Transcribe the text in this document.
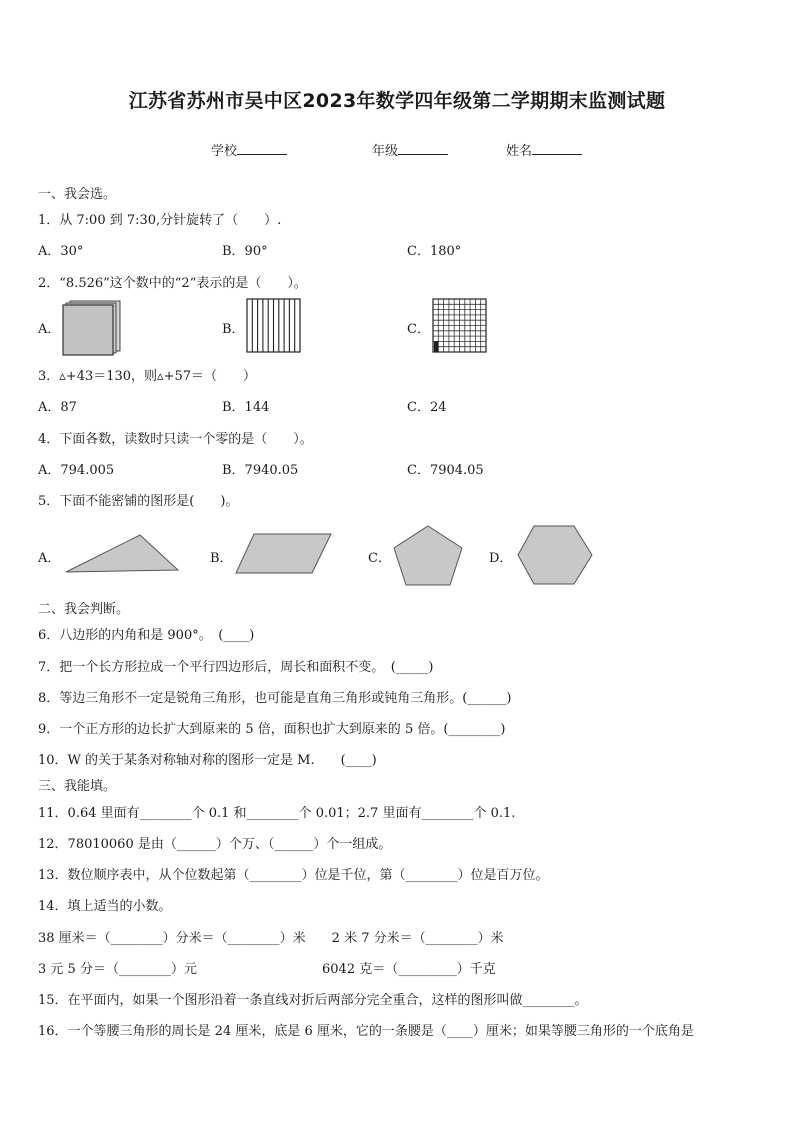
江苏省苏州市吴中区2023年数学四年级第二学期期末监测试题
学校	年级	姓名
一、我会选。
1．从 7:00 到 7:30,分针旋转了（　　）.
A．30°	B．90°	C．180°
2．“8.526”这个数中的“2”表示的是（　　）。
A．	B．	C．
3．▵+43＝130，则▵+57＝（　　）
A．87	B．144	C．24
4．下面各数，读数时只读一个零的是（　　）。
A．794.005	B．7940.05	C．7904.05
5．下面不能密铺的图形是(　　)。
A．	B．	C．	D．
二、我会判断。
6．八边形的内角和是 900°。　(____)
7．把一个长方形拉成一个平行四边形后，周长和面积不变。　(_____)
8．等边三角形不一定是锐角三角形，也可能是直角三角形或钝角三角形。(______)
9．一个正方形的边长扩大到原来的 5 倍，面积也扩大到原来的 5 倍。(________)
10．W 的关于某条对称轴对称的图形一定是 M.　　(____)
三、我能填。
11．0.64 里面有________个 0.1 和________个 0.01；2.7 里面有________个 0.1.
12．78010060 是由（______）个万、（______）个一组成。
13．数位顺序表中，从个位数起第（________）位是千位，第（________）位是百万位。
14．填上适当的小数。
38 厘米＝（________）分米＝（________）米　　2 米 7 分米＝（________）米
3 元 5 分＝（________）元	6042 克＝（_________）千克
15．在平面内，如果一个图形沿着一条直线对折后两部分完全重合，这样的图形叫做________。
16．一个等腰三角形的周长是 24 厘米，底是 6 厘米，它的一条腰是（____）厘米；如果等腰三角形的一个底角是
